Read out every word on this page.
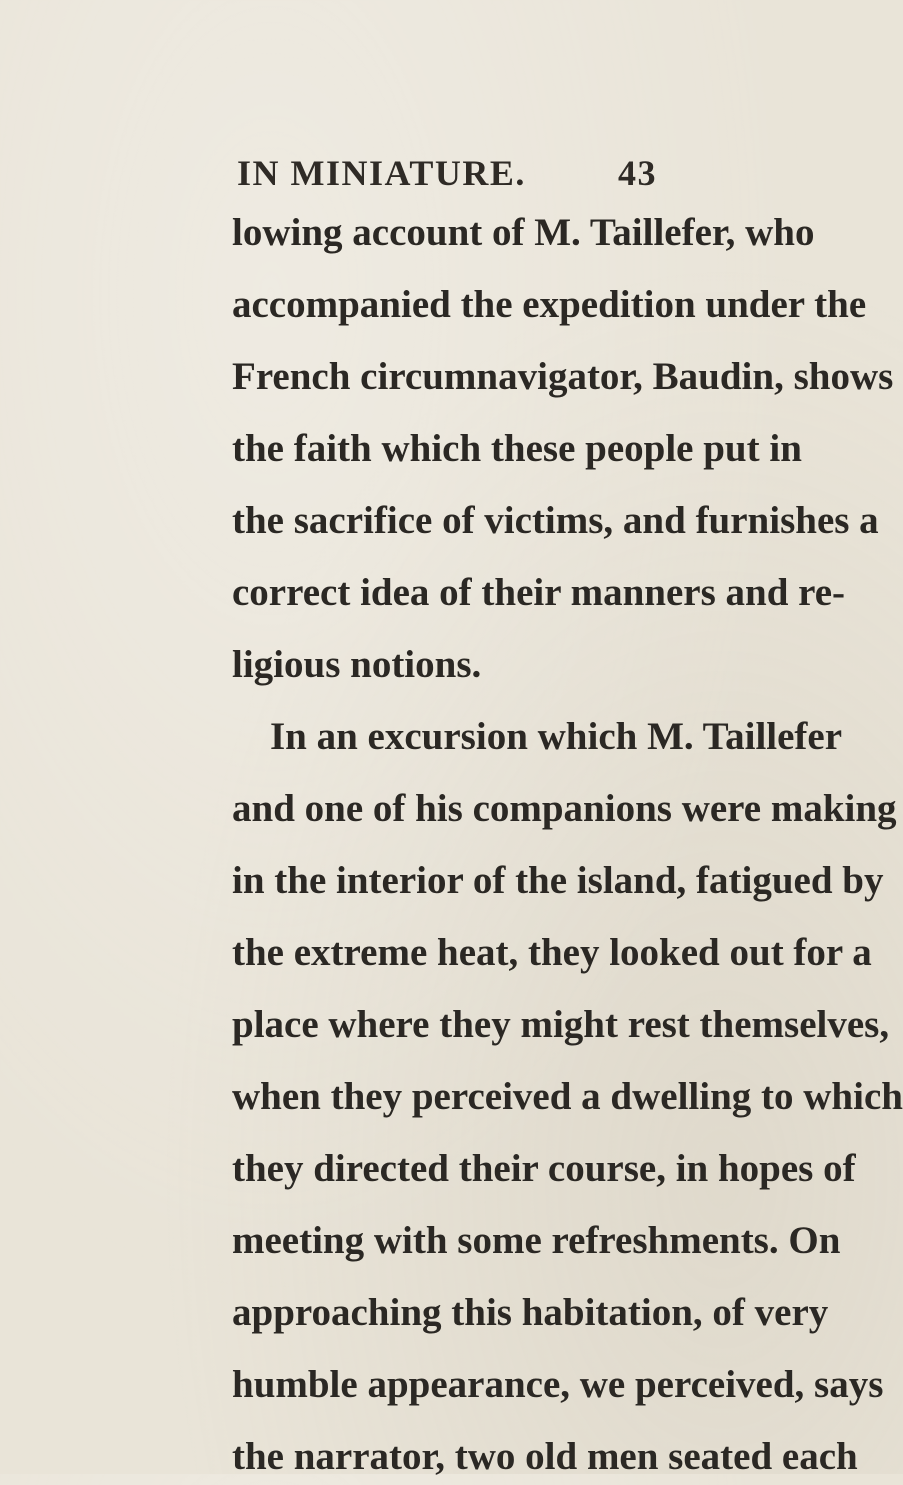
IN MINIATURE.	43
lowing account of M. Taillefer, who
accompanied the expedition under the
French circumnavigator, Baudin, shows
the faith which these people put in
the sacrifice of victims, and furnishes a
correct idea of their manners and re-
ligious notions.
In an excursion which M. Taillefer
and one of his companions were making
in the interior of the island, fatigued by
the extreme heat, they looked out for a
place where they might rest themselves,
when they perceived a dwelling to which
they directed their course, in hopes of
meeting with some refreshments. On
approaching this habitation, of very
humble appearance, we perceived, says
the narrator, two old men seated each
